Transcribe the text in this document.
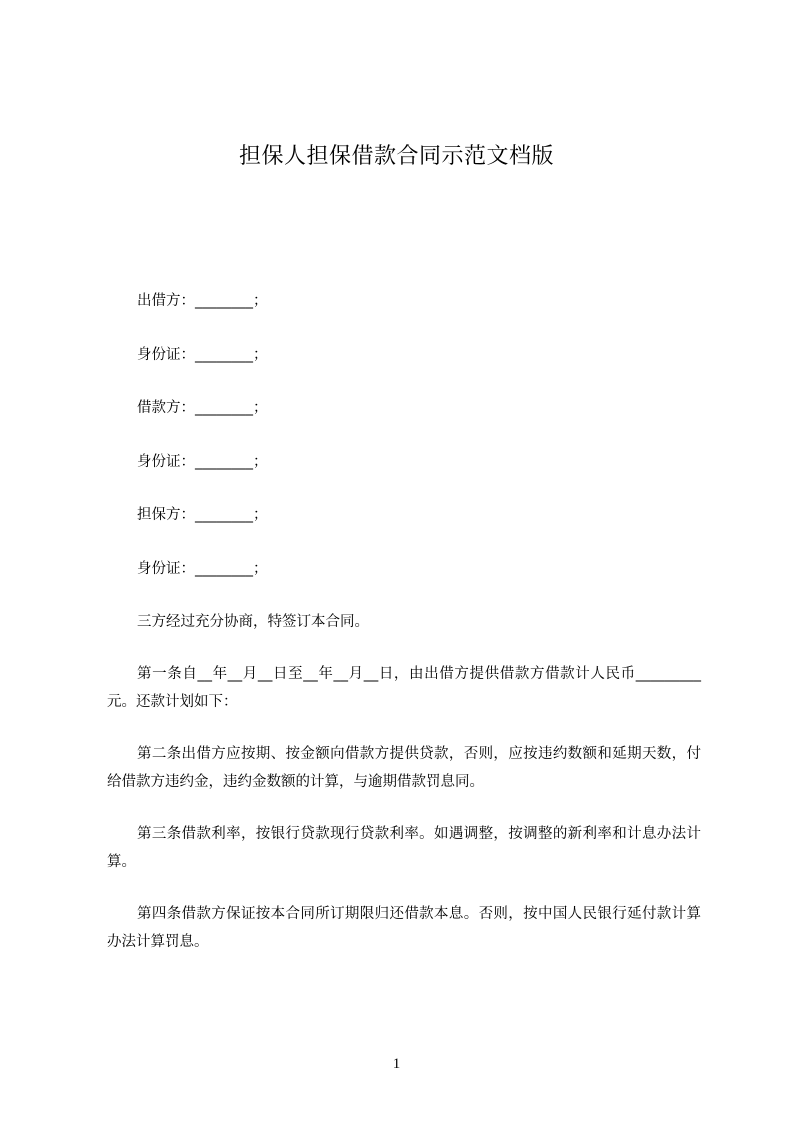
担保人担保借款合同示范文档版

出借方：________；

身份证：________；

借款方：________；

身份证：________；

担保方：________；

身份证：________；

三方经过充分协商，特签订本合同。

第一条自__年__月__日至__年__月__日，由出借方提供借款方借款计人民币_________元。还款计划如下：

第二条出借方应按期、按金额向借款方提供贷款，否则，应按违约数额和延期天数，付给借款方违约金，违约金数额的计算，与逾期借款罚息同。

第三条借款利率，按银行贷款现行贷款利率。如遇调整，按调整的新利率和计息办法计算。

第四条借款方保证按本合同所订期限归还借款本息。否则，按中国人民银行延付款计算办法计算罚息。

1
